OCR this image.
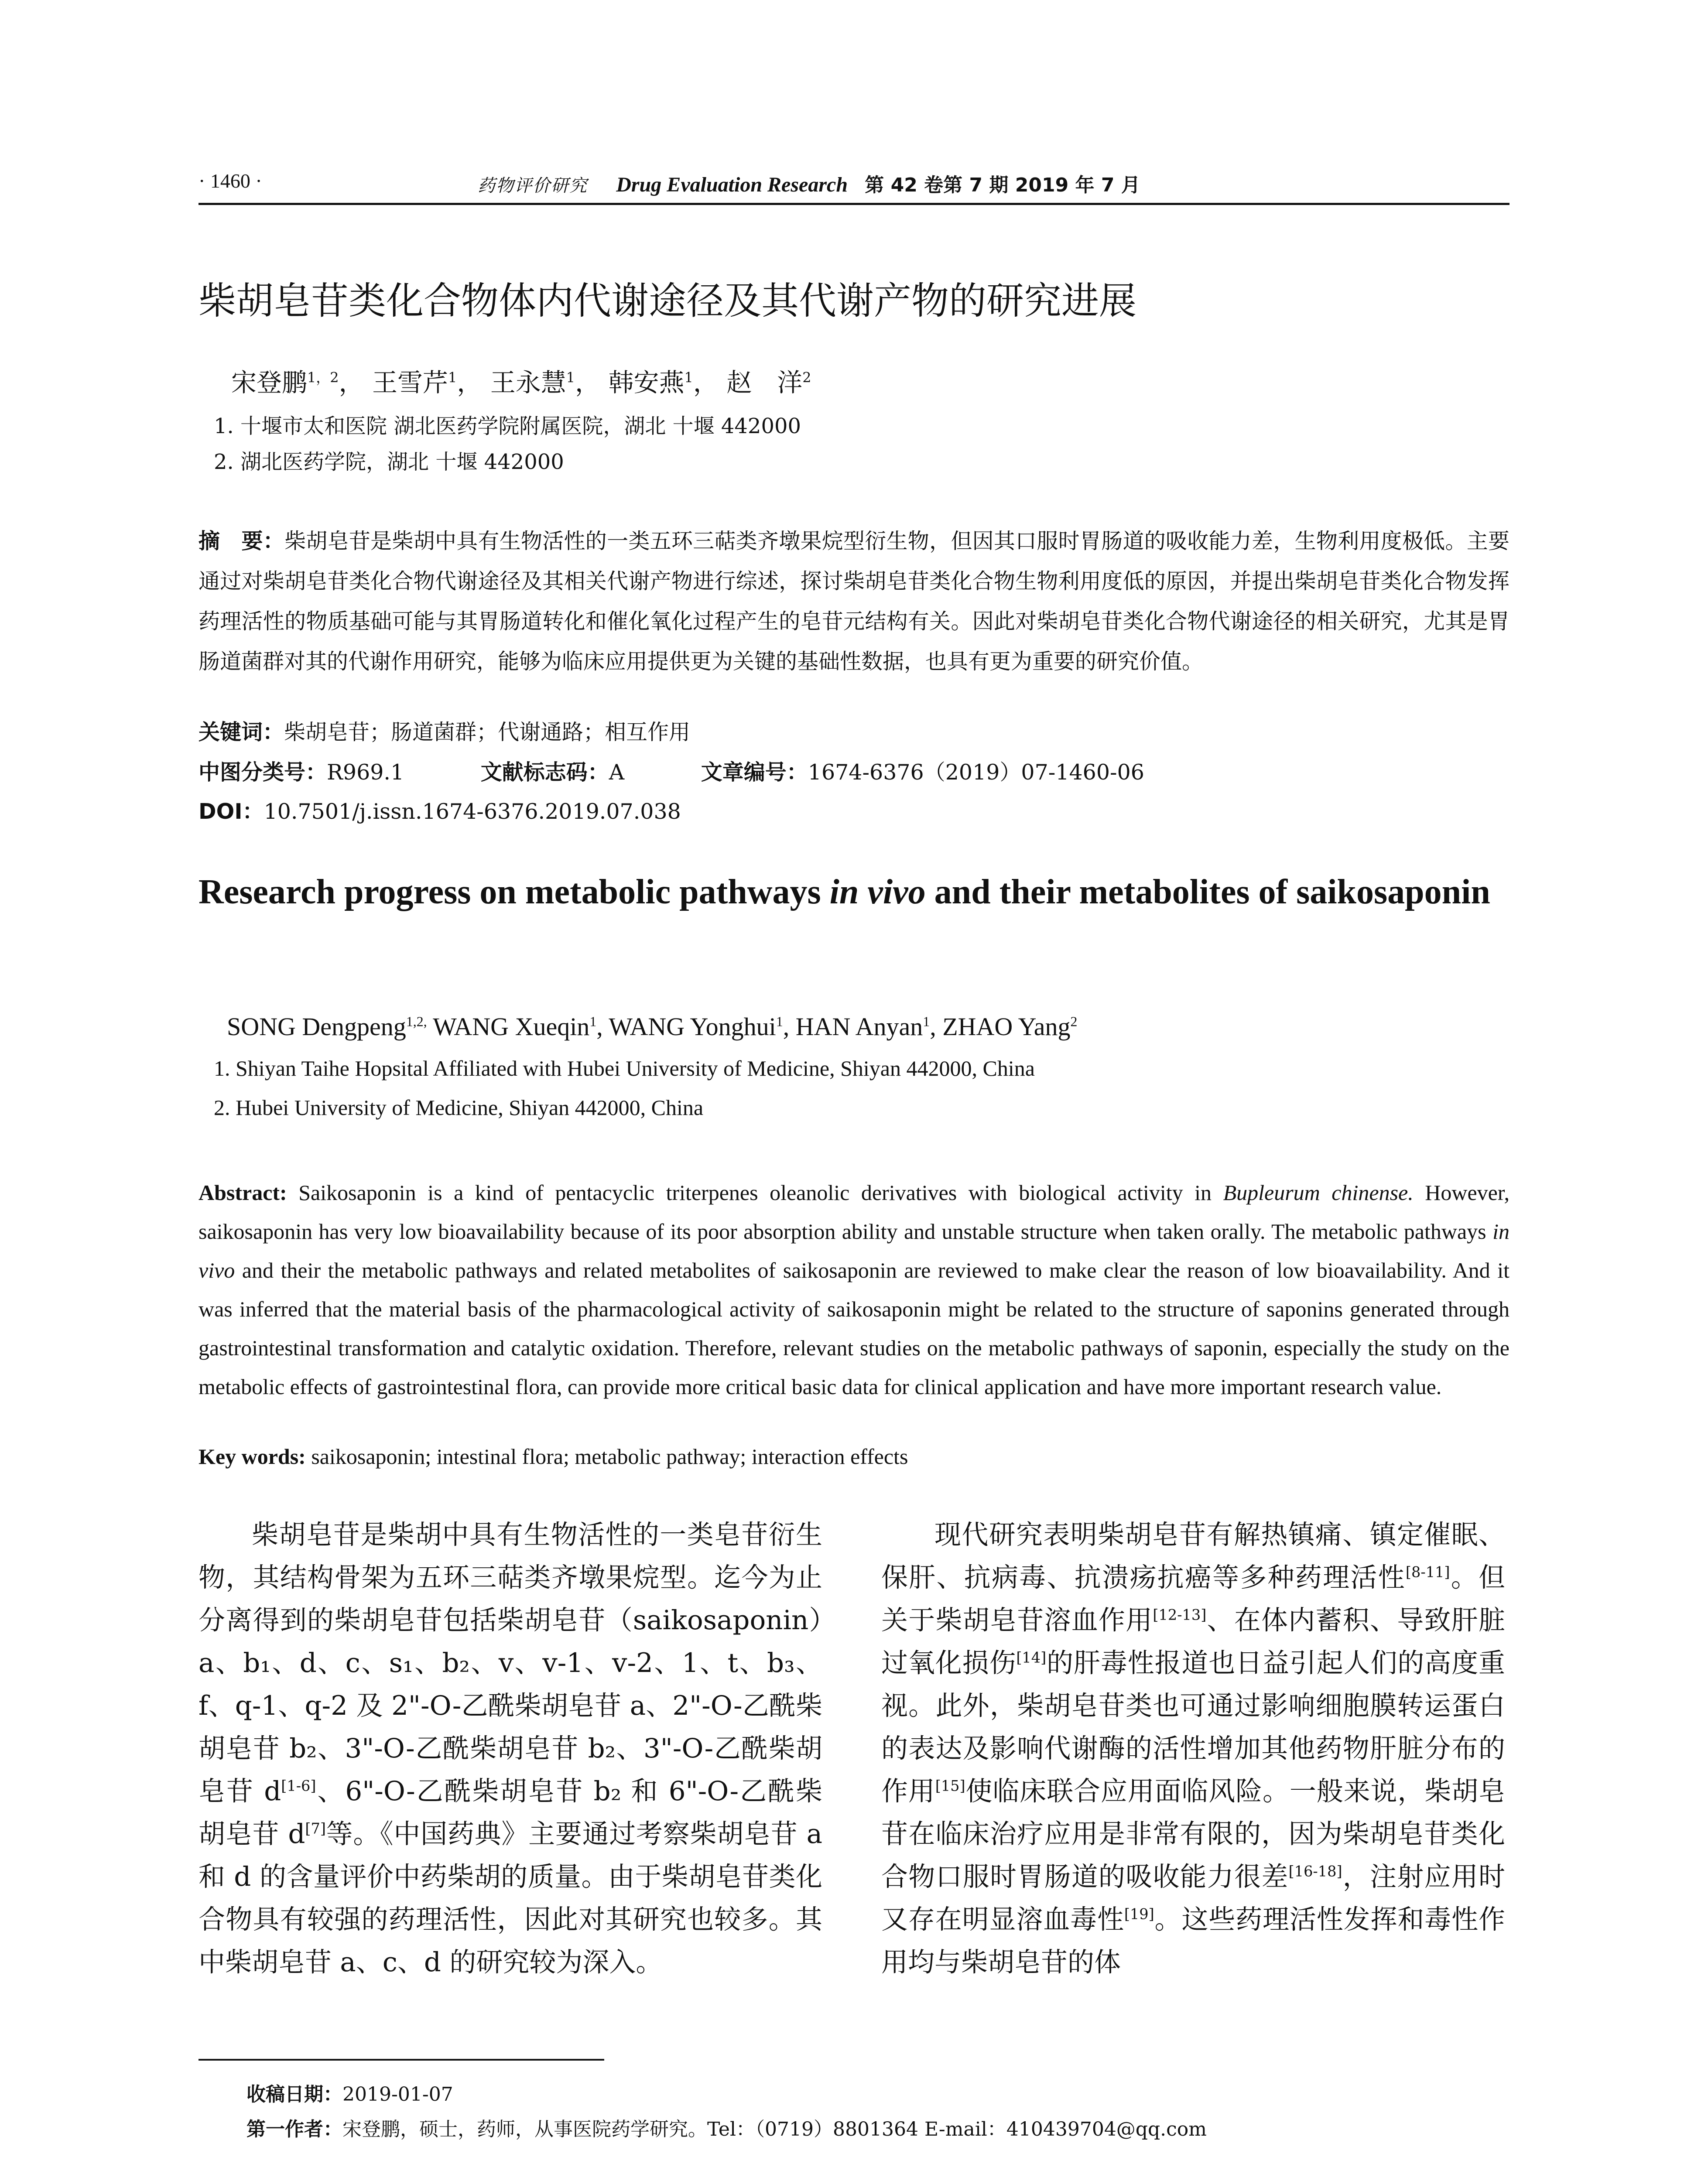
· 1460 ·	药物评价研究 Drug Evaluation Research 第 42 卷第 7 期 2019 年 7 月
柴胡皂苷类化合物体内代谢途径及其代谢产物的研究进展
宋登鹏$^{1,2}$， 王雪芹$^1$， 王永慧$^1$， 韩安燕$^1$， 赵　洋$^2$
1. 十堰市太和医院 湖北医药学院附属医院，湖北 十堰 442000
2. 湖北医药学院，湖北 十堰 442000
摘　要：柴胡皂苷是柴胡中具有生物活性的一类五环三萜类齐墩果烷型衍生物，但因其口服时胃肠道的吸收能力差，生物利用度极低。主要通过对柴胡皂苷类化合物代谢途径及其相关代谢产物进行综述，探讨柴胡皂苷类化合物生物利用度低的原因，并提出柴胡皂苷类化合物发挥药理活性的物质基础可能与其胃肠道转化和催化氧化过程产生的皂苷元结构有关。因此对柴胡皂苷类化合物代谢途径的相关研究，尤其是胃肠道菌群对其的代谢作用研究，能够为临床应用提供更为关键的基础性数据，也具有更为重要的研究价值。
关键词：柴胡皂苷；肠道菌群；代谢通路；相互作用
中图分类号：R969.1	文献标志码：A	文章编号：1674-6376（2019）07-1460-06
DOI：10.7501/j.issn.1674-6376.2019.07.038
Research progress on metabolic pathways in vivo and their metabolites of saikosaponin
SONG Dengpeng$^{1,2,}$ WANG Xueqin$^1$, WANG Yonghui$^1$, HAN Anyan$^1$, ZHAO Yang$^2$
1. Shiyan Taihe Hopsital Affiliated with Hubei University of Medicine, Shiyan 442000, China
2. Hubei University of Medicine, Shiyan 442000, China
Abstract: Saikosaponin is a kind of pentacyclic triterpenes oleanolic derivatives with biological activity in Bupleurum chinense. However, saikosaponin has very low bioavailability because of its poor absorption ability and unstable structure when taken orally. The metabolic pathways in vivo and their the metabolic pathways and related metabolites of saikosaponin are reviewed to make clear the reason of low bioavailability. And it was inferred that the material basis of the pharmacological activity of saikosaponin might be related to the structure of saponins generated through gastrointestinal transformation and catalytic oxidation. Therefore, relevant studies on the metabolic pathways of saponin, especially the study on the metabolic effects of gastrointestinal flora, can provide more critical basic data for clinical application and have more important research value.
Key words: saikosaponin; intestinal flora; metabolic pathway; interaction effects

柴胡皂苷是柴胡中具有生物活性的一类皂苷衍生物，其结构骨架为五环三萜类齐墩果烷型。迄今为止分离得到的柴胡皂苷包括柴胡皂苷（saikosaponin）a、b₁、d、c、s₁、b₂、v、v-1、v-2、1、t、b₃、f、q-1、q-2 及 2"-O-乙酰柴胡皂苷 a、2"-O-乙酰柴胡皂苷 b₂、3"-O-乙酰柴胡皂苷 b₂、3"-O-乙酰柴胡皂苷 d[1-6]、6"-O-乙酰柴胡皂苷 b₂ 和 6"-O-乙酰柴胡皂苷 d[7]等。《中国药典》主要通过考察柴胡皂苷 a 和 d 的含量评价中药柴胡的质量。由于柴胡皂苷类化合物具有较强的药理活性，因此对其研究也较多。其中柴胡皂苷 a、c、d 的研究较为深入。

现代研究表明柴胡皂苷有解热镇痛、镇定催眠、保肝、抗病毒、抗溃疡抗癌等多种药理活性[8-11]。但关于柴胡皂苷溶血作用[12-13]、在体内蓄积、导致肝脏过氧化损伤[14]的肝毒性报道也日益引起人们的高度重视。此外，柴胡皂苷类也可通过影响细胞膜转运蛋白的表达及影响代谢酶的活性增加其他药物肝脏分布的作用[15]使临床联合应用面临风险。一般来说，柴胡皂苷在临床治疗应用是非常有限的，因为柴胡皂苷类化合物口服时胃肠道的吸收能力很差[16-18]，注射应用时又存在明显溶血毒性[19]。这些药理活性发挥和毒性作用均与柴胡皂苷的体

收稿日期：2019-01-07
第一作者：宋登鹏，硕士，药师，从事医院药学研究。Tel：（0719）8801364 E-mail：410439704@qq.com
